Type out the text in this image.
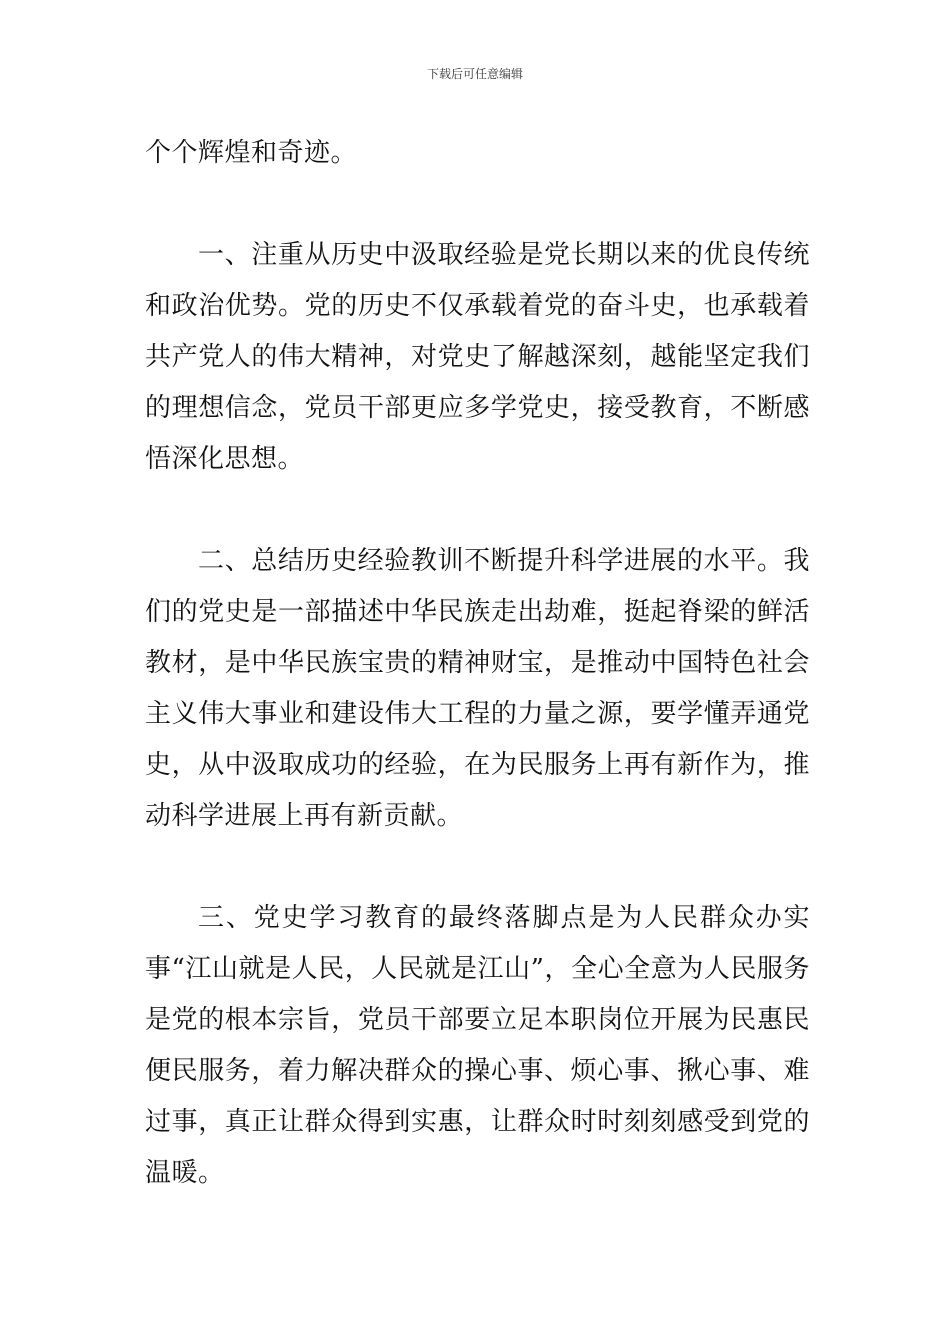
下载后可任意编辑

个个辉煌和奇迹。

一、注重从历史中汲取经验是党长期以来的优良传统和政治优势。党的历史不仅承载着党的奋斗史，也承载着共产党人的伟大精神，对党史了解越深刻，越能坚定我们的理想信念，党员干部更应多学党史，接受教育，不断感悟深化思想。

二、总结历史经验教训不断提升科学进展的水平。我们的党史是一部描述中华民族走出劫难，挺起脊梁的鲜活教材，是中华民族宝贵的精神财宝，是推动中国特色社会主义伟大事业和建设伟大工程的力量之源，要学懂弄通党史，从中汲取成功的经验，在为民服务上再有新作为，推动科学进展上再有新贡献。

三、党史学习教育的最终落脚点是为人民群众办实事“江山就是人民，人民就是江山”，全心全意为人民服务是党的根本宗旨，党员干部要立足本职岗位开展为民惠民便民服务，着力解决群众的操心事、烦心事、揪心事、难过事，真正让群众得到实惠，让群众时时刻刻感受到党的温暖。
